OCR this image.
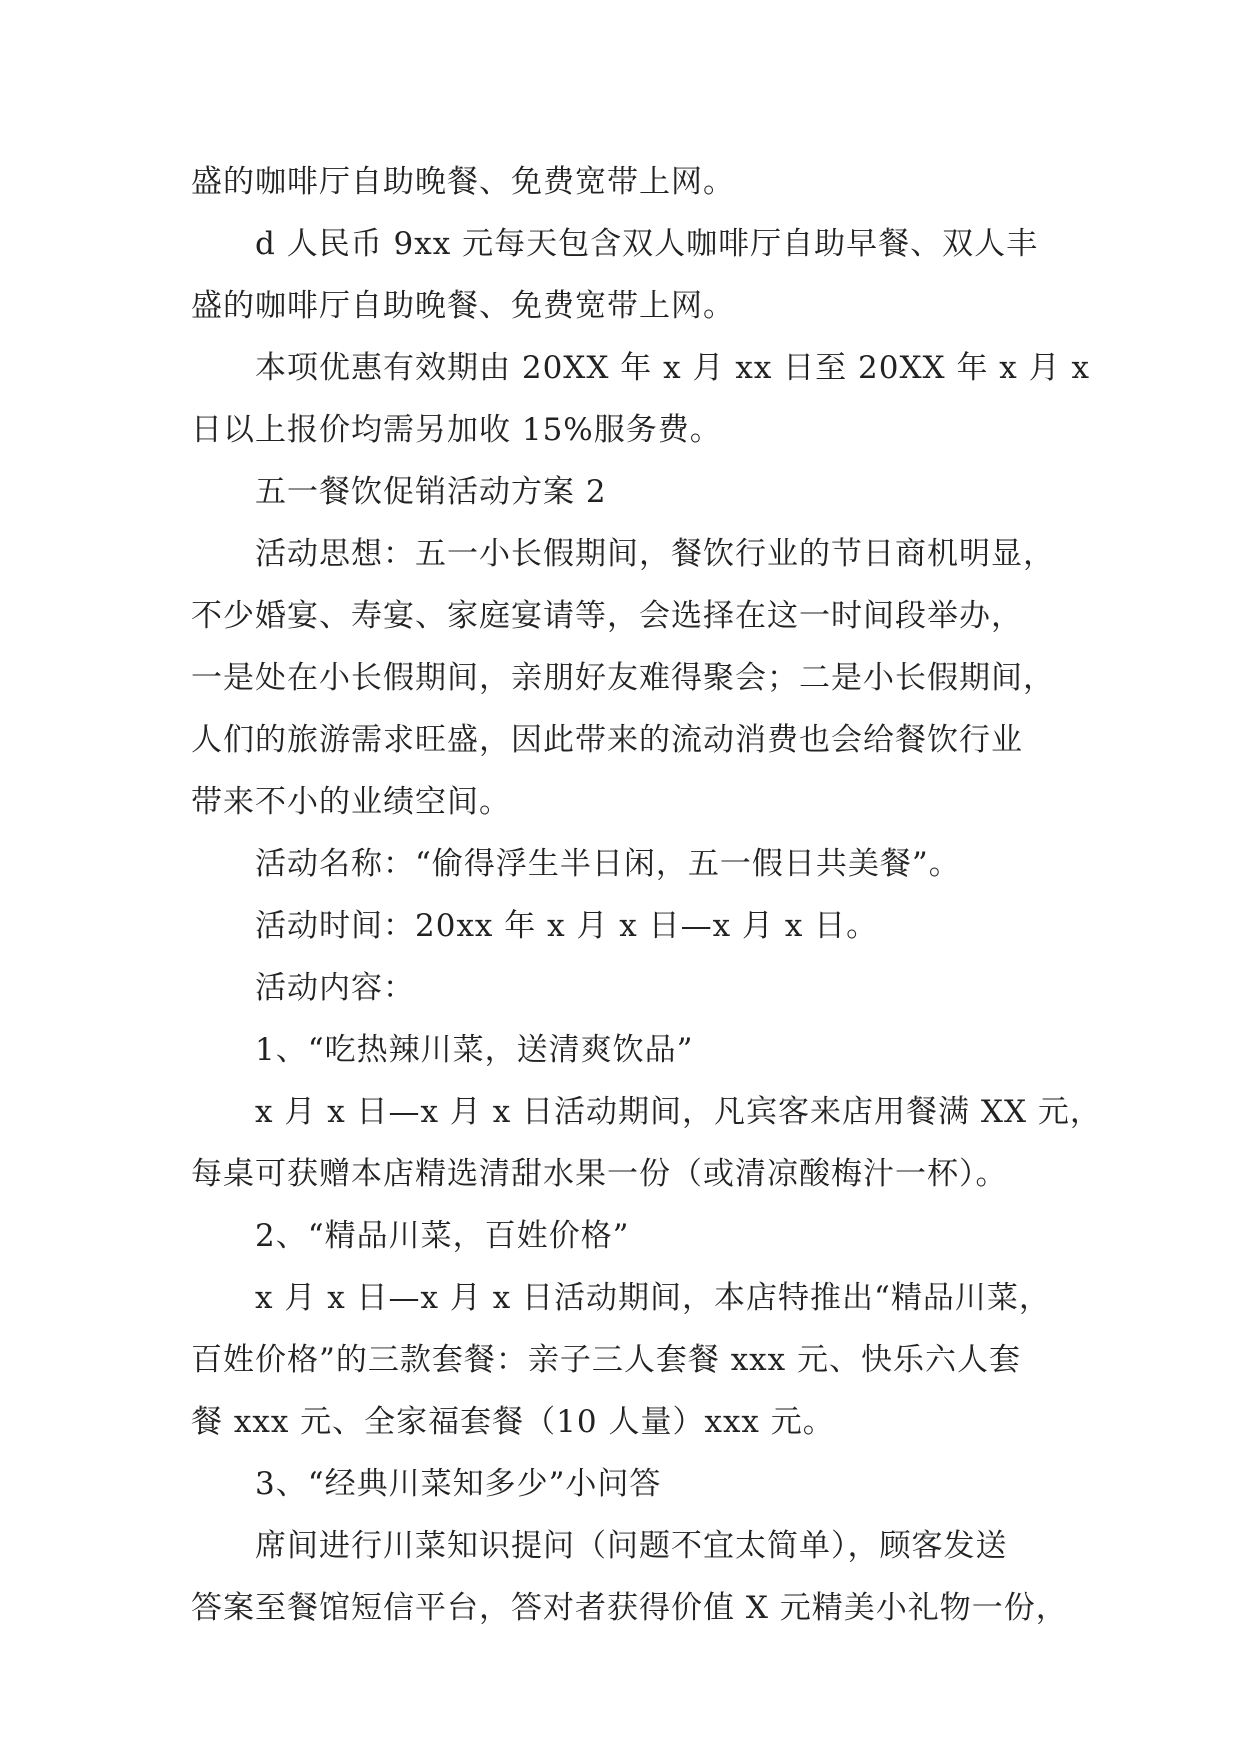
盛的咖啡厅自助晚餐、免费宽带上网。
d 人民币 9xx 元每天包含双人咖啡厅自助早餐、双人丰
盛的咖啡厅自助晚餐、免费宽带上网。
本项优惠有效期由 20XX 年 x 月 xx 日至 20XX 年 x 月 x
日以上报价均需另加收 15%服务费。
五一餐饮促销活动方案 2
活动思想：五一小长假期间，餐饮行业的节日商机明显，
不少婚宴、寿宴、家庭宴请等，会选择在这一时间段举办，
一是处在小长假期间，亲朋好友难得聚会；二是小长假期间，
人们的旅游需求旺盛，因此带来的流动消费也会给餐饮行业
带来不小的业绩空间。
活动名称：“偷得浮生半日闲，五一假日共美餐”。
活动时间：20xx 年 x 月 x 日—x 月 x 日。
活动内容：
1、“吃热辣川菜，送清爽饮品”
x 月 x 日—x 月 x 日活动期间，凡宾客来店用餐满 XX 元，
每桌可获赠本店精选清甜水果一份（或清凉酸梅汁一杯）。
2、“精品川菜，百姓价格”
x 月 x 日—x 月 x 日活动期间，本店特推出“精品川菜，
百姓价格”的三款套餐：亲子三人套餐 xxx 元、快乐六人套
餐 xxx 元、全家福套餐（10 人量）xxx 元。
3、“经典川菜知多少”小问答
席间进行川菜知识提问（问题不宜太简单），顾客发送
答案至餐馆短信平台，答对者获得价值 X 元精美小礼物一份，
